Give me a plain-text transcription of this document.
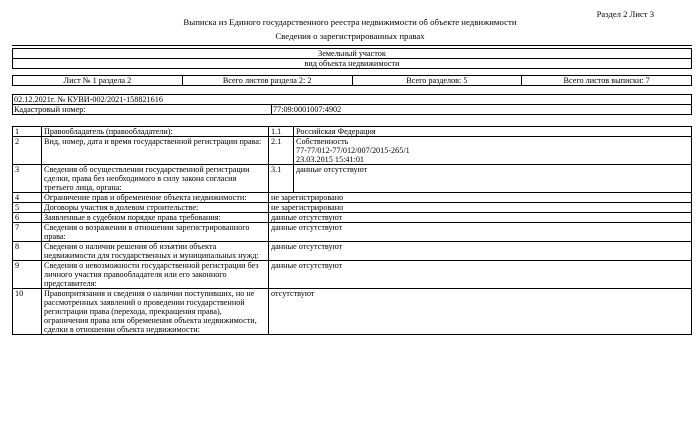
Раздел 2 Лист 3
Выписка из Единого государственного реестра недвижимости об объекте недвижимости
Сведения о зарегистрированных правах
Земельный участок
вид объекта недвижимости
Лист № 1 раздела 2	Всего листов раздела 2: 2	Всего разделов: 5	Всего листов выписки: 7
02.12.2021г. № КУВИ-002/2021-158821616
Кадастровый номер:	77:09:0001007:4902
1	Правообладатель (правообладатели):	1.1	Российская Федерация
2	Вид, номер, дата и время государственной регистрации права:	2.1	Собственность
77-77/012-77/012/007/2015-265/1
23.03.2015 15:41:01
3	Сведения об осуществлении государственной регистрации сделки, права без необходимого в силу закона согласия третьего лица, органа:	3.1	данные отсутствуют
4	Ограничение прав и обременение объекта недвижимости:	не зарегистрировано	
5	Договоры участия в долевом строительстве:	не зарегистрировано	
6	Заявленные в судебном порядке права требования:	данные отсутствуют	
7	Сведения о возражении в отношении зарегистрированного права:	данные отсутствуют	
8	Сведения о наличии решения об изъятии объекта недвижимости для государственных и муниципальных нужд:	данные отсутствуют	
9	Сведения о невозможности государственной регистрации без личного участия правообладателя или его законного представителя:	данные отсутствуют	
10	Правопритязания и сведения о наличии поступивших, но не рассмотренных заявлений о проведении государственной регистрации права (перехода, прекращения права), ограничения права или обременения объекта недвижимости, сделки в отношении объекта недвижимости:	отсутствуют	
